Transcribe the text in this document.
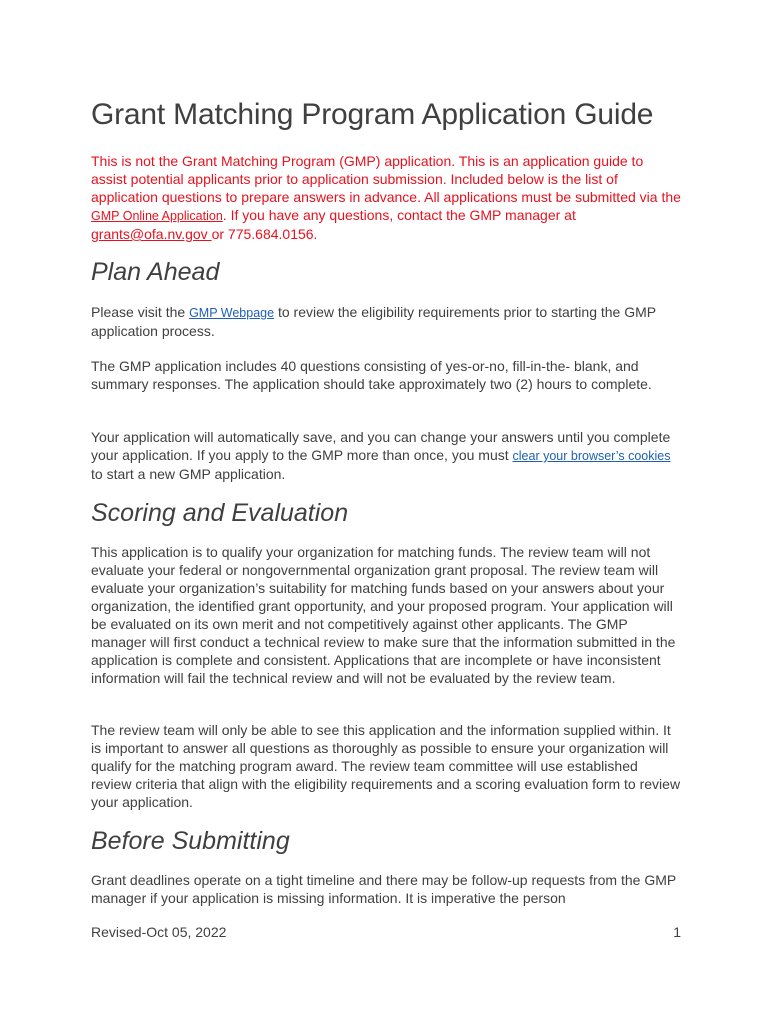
Grant Matching Program Application Guide

This is not the Grant Matching Program (GMP) application. This is an application guide to assist potential applicants prior to application submission. Included below is the list of application questions to prepare answers in advance. All applications must be submitted via the GMP Online Application. If you have any questions, contact the GMP manager at grants@ofa.nv.gov or 775.684.0156.

Plan Ahead

Please visit the GMP Webpage to review the eligibility requirements prior to starting the GMP application process.

The GMP application includes 40 questions consisting of yes-or-no, fill-in-the- blank, and summary responses. The application should take approximately two (2) hours to complete.

Your application will automatically save, and you can change your answers until you complete your application. If you apply to the GMP more than once, you must clear your browser’s cookies to start a new GMP application.

Scoring and Evaluation

This application is to qualify your organization for matching funds. The review team will not evaluate your federal or nongovernmental organization grant proposal. The review team will evaluate your organization’s suitability for matching funds based on your answers about your organization, the identified grant opportunity, and your proposed program. Your application will be evaluated on its own merit and not competitively against other applicants. The GMP manager will first conduct a technical review to make sure that the information submitted in the application is complete and consistent. Applications that are incomplete or have inconsistent information will fail the technical review and will not be evaluated by the review team.

The review team will only be able to see this application and the information supplied within. It is important to answer all questions as thoroughly as possible to ensure your organization will qualify for the matching program award. The review team committee will use established review criteria that align with the eligibility requirements and a scoring evaluation form to review your application.

Before Submitting

Grant deadlines operate on a tight timeline and there may be follow-up requests from the GMP manager if your application is missing information. It is imperative the person

Revised-Oct 05, 2022	1
